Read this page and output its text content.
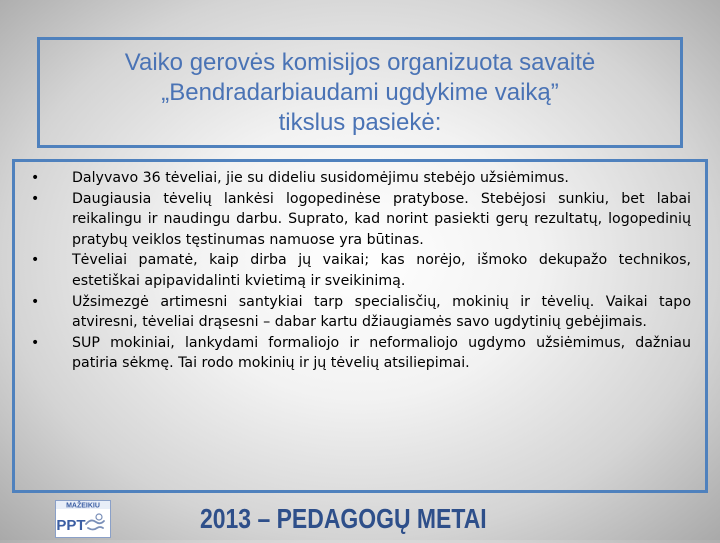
Vaiko gerovės komisijos organizuota savaitė
„Bendradarbiaudami ugdykime vaiką”
tikslus pasiekė:
• Dalyvavo 36 tėveliai, jie su dideliu susidomėjimu stebėjo užsiėmimus.
• Daugiausia tėvelių lankėsi logopedinėse pratybose. Stebėjosi sunkiu, bet labai reikalingu ir naudingu darbu. Suprato, kad norint pasiekti gerų rezultatų, logopedinių pratybų veiklos tęstinumas namuose yra būtinas.
• Tėveliai pamatė, kaip dirba jų vaikai; kas norėjo, išmoko dekupažo technikos, estetiškai apipavidalinti kvietimą ir sveikinimą.
• Užsimezgė artimesni santykiai tarp specialisčių, mokinių ir tėvelių. Vaikai tapo atviresni, tėveliai drąsesni – dabar kartu džiaugiamės savo ugdytinių gebėjimais.
• SUP mokiniai, lankydami formaliojo ir neformaliojo ugdymo užsiėmimus, dažniau patiria sėkmę. Tai rodo mokinių ir jų tėvelių atsiliepimai.
MAŽEIKIU
PPT	2013 – PEDAGOGŲ METAI
